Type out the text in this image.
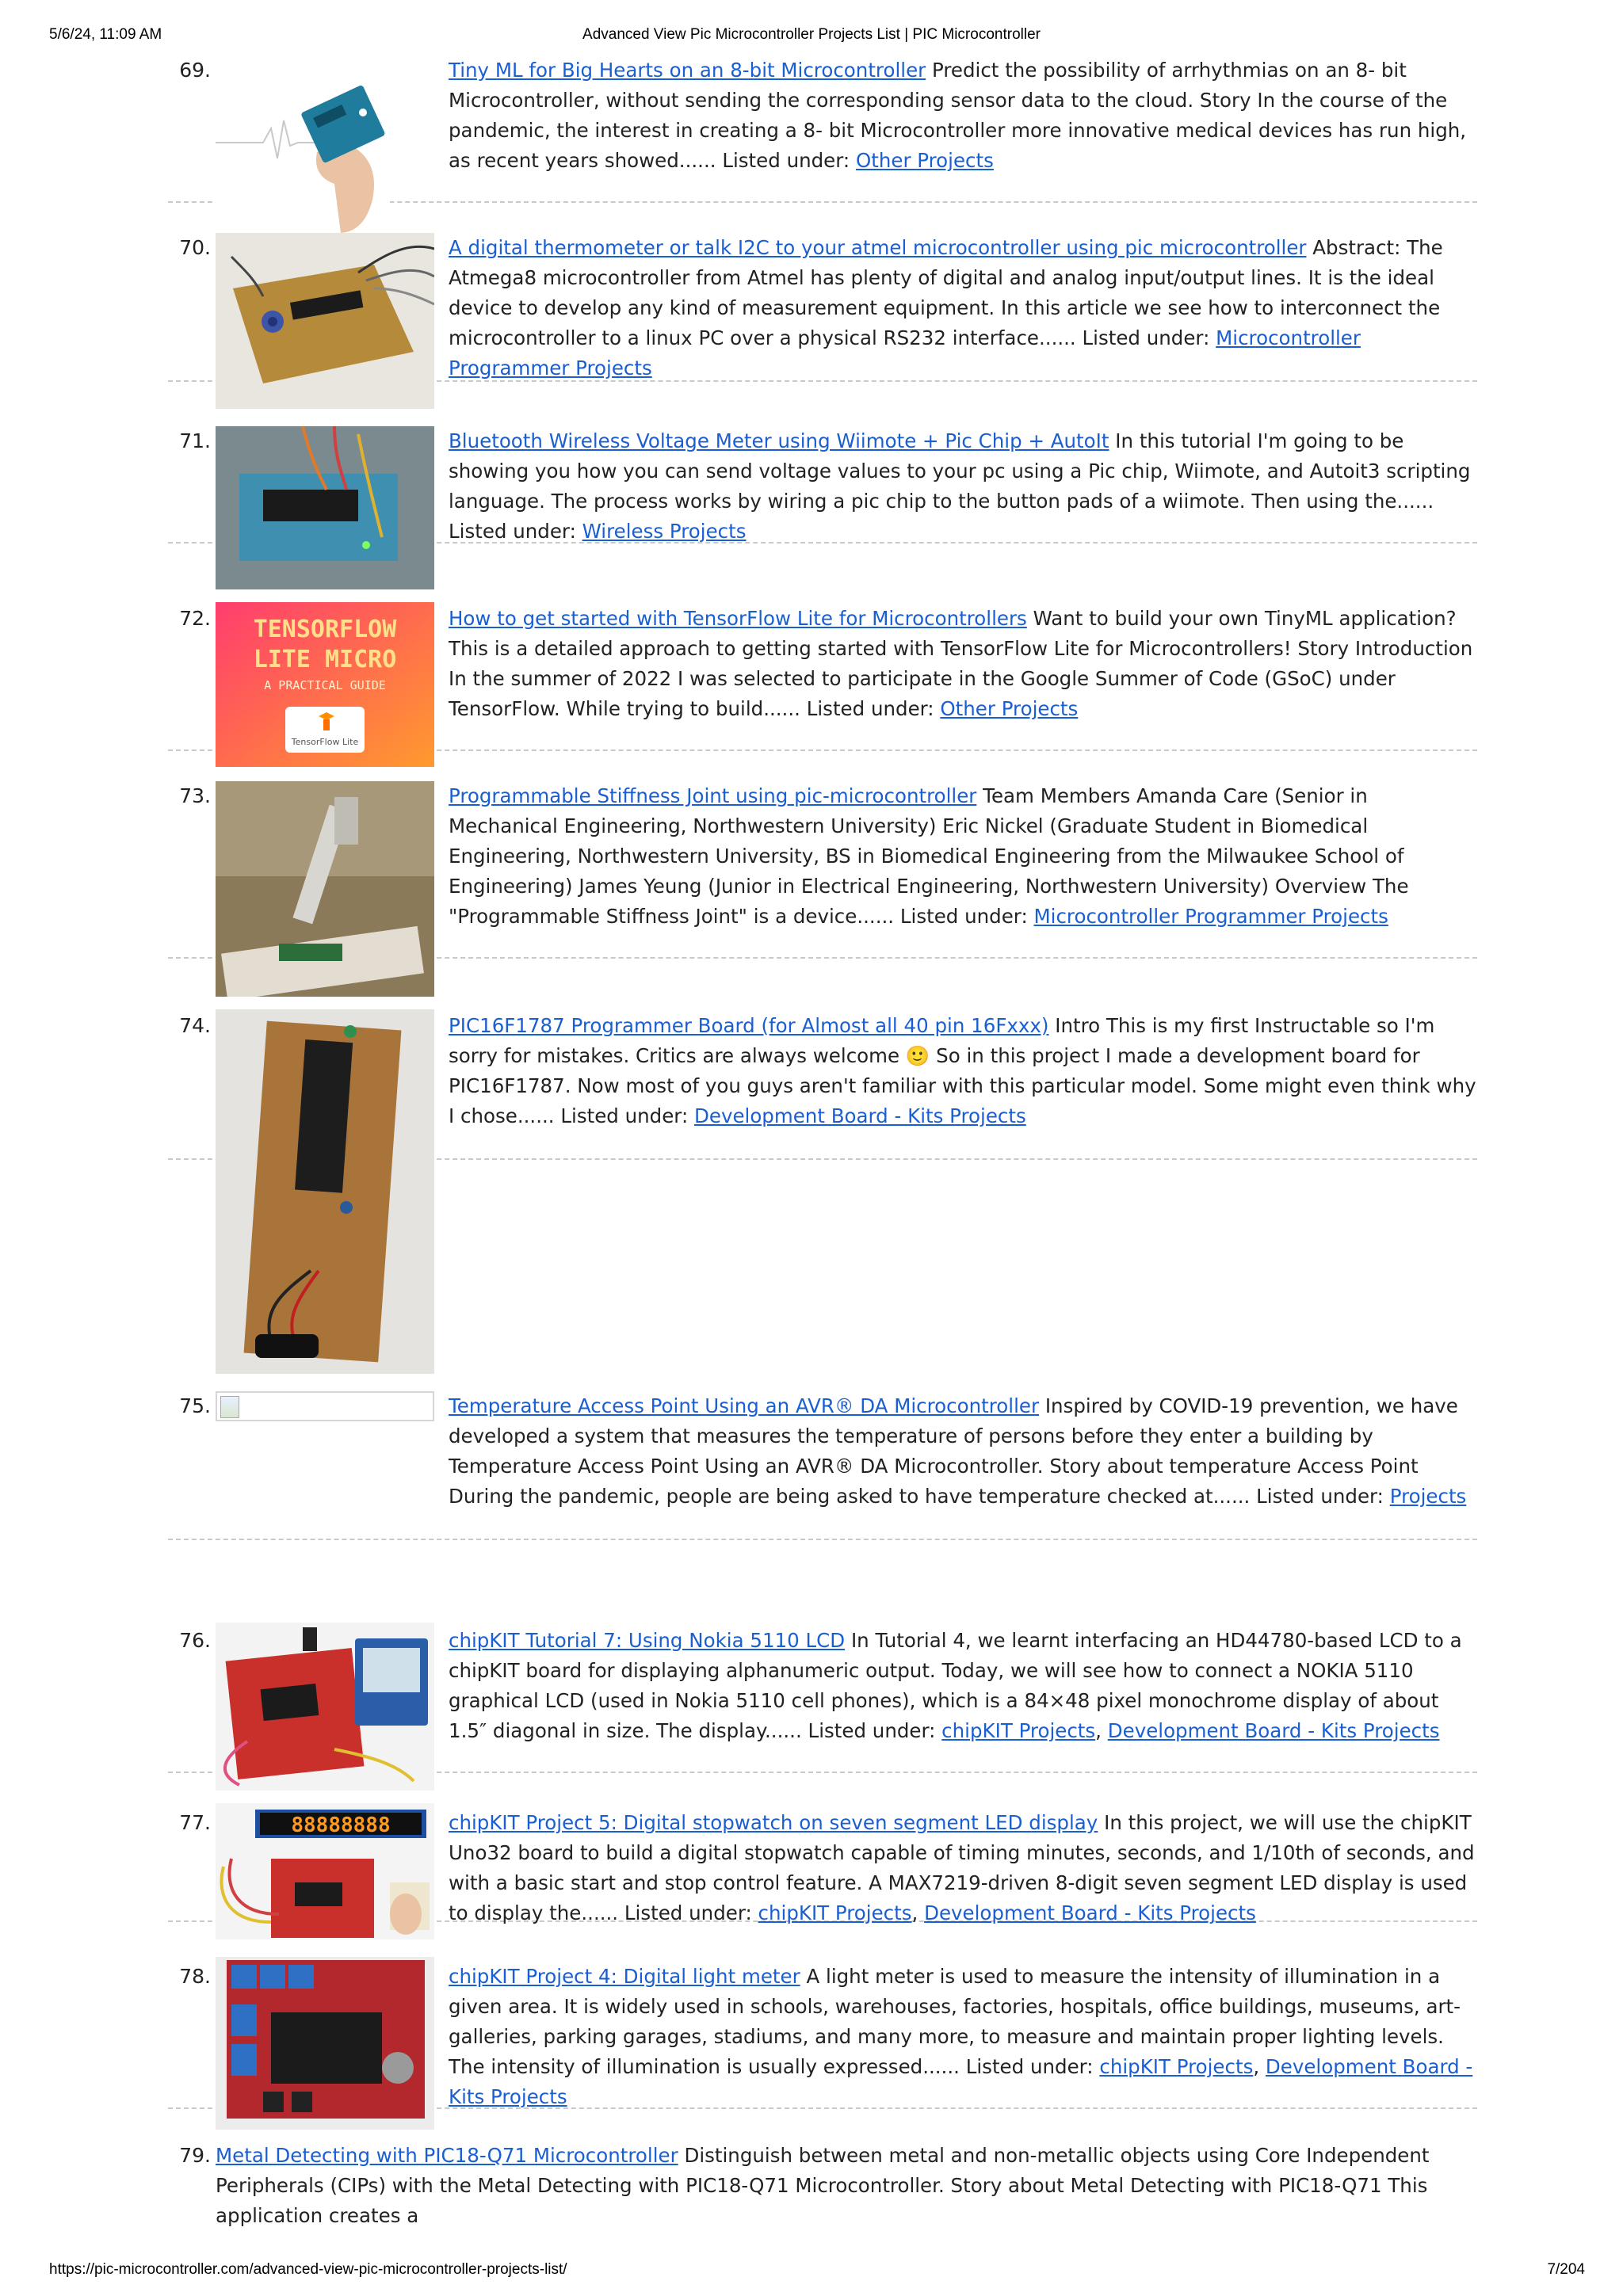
5/6/24, 11:09 AM	Advanced View Pic Microcontroller Projects List | PIC Microcontroller
69.	Tiny ML for Big Hearts on an 8-bit Microcontroller Predict the possibility of arrhythmias on an 8- bit Microcontroller, without sending the corresponding sensor data to the cloud. Story In the course of the pandemic, the interest in creating a 8- bit Microcontroller more innovative medical devices has run high, as recent years showed...... Listed under: Other Projects
70.	A digital thermometer or talk I2C to your atmel microcontroller using pic microcontroller Abstract: The Atmega8 microcontroller from Atmel has plenty of digital and analog input/output lines. It is the ideal device to develop any kind of measurement equipment. In this article we see how to interconnect the microcontroller to a linux PC over a physical RS232 interface...... Listed under: Microcontroller Programmer Projects
71.	Bluetooth Wireless Voltage Meter using Wiimote + Pic Chip + AutoIt In this tutorial I'm going to be showing you how you can send voltage values to your pc using a Pic chip, Wiimote, and Autoit3 scripting language. The process works by wiring a pic chip to the button pads of a wiimote. Then using the...... Listed under: Wireless Projects
72. TENSORFLOW
LITE MICRO
A PRACTICAL GUIDE
TensorFlow Lite
How to get started with TensorFlow Lite for Microcontrollers Want to build your own TinyML application? This is a detailed approach to getting started with TensorFlow Lite for Microcontrollers! Story Introduction In the summer of 2022 I was selected to participate in the Google Summer of Code (GSoC) under TensorFlow. While trying to build...... Listed under: Other Projects
73.	Programmable Stiffness Joint using pic-microcontroller Team Members Amanda Care (Senior in Mechanical Engineering, Northwestern University) Eric Nickel (Graduate Student in Biomedical Engineering, Northwestern University, BS in Biomedical Engineering from the Milwaukee School of Engineering) James Yeung (Junior in Electrical Engineering, Northwestern University) Overview The "Programmable Stiffness Joint" is a device...... Listed under: Microcontroller Programmer Projects
74.	PIC16F1787 Programmer Board (for Almost all 40 pin 16Fxxx) Intro This is my first Instructable so I'm sorry for mistakes. Critics are always welcome 🙂 So in this project I made a development board for PIC16F1787. Now most of you guys aren't familiar with this particular model. Some might even think why I chose...... Listed under: Development Board - Kits Projects
75.	Temperature Access Point Using an AVR® DA Microcontroller Inspired by COVID-19 prevention, we have developed a system that measures the temperature of persons before they enter a building by Temperature Access Point Using an AVR® DA Microcontroller. Story about temperature Access Point During the pandemic, people are being asked to have temperature checked at...... Listed under: Projects
76.	chipKIT Tutorial 7: Using Nokia 5110 LCD In Tutorial 4, we learnt interfacing an HD44780-based LCD to a chipKIT board for displaying alphanumeric output. Today, we will see how to connect a NOKIA 5110 graphical LCD (used in Nokia 5110 cell phones), which is a 84×48 pixel monochrome display of about 1.5″ diagonal in size. The display...... Listed under: chipKIT Projects, Development Board - Kits Projects
77.	88888888	chipKIT Project 5: Digital stopwatch on seven segment LED display In this project, we will use the chipKIT Uno32 board to build a digital stopwatch capable of timing minutes, seconds, and 1/10th of seconds, and with a basic start and stop control feature. A MAX7219-driven 8-digit seven segment LED display is used to display the...... Listed under: chipKIT Projects, Development Board - Kits Projects
78.	chipKIT Project 4: Digital light meter A light meter is used to measure the intensity of illumination in a given area. It is widely used in schools, warehouses, factories, hospitals, office buildings, museums, art-galleries, parking garages, stadiums, and many more, to measure and maintain proper lighting levels. The intensity of illumination is usually expressed...... Listed under: chipKIT Projects, Development Board - Kits Projects
79. Metal Detecting with PIC18-Q71 Microcontroller Distinguish between metal and non-metallic objects using Core Independent Peripherals (CIPs) with the Metal Detecting with PIC18-Q71 Microcontroller. Story about Metal Detecting with PIC18-Q71 This application creates a
https://pic-microcontroller.com/advanced-view-pic-microcontroller-projects-list/	7/204
